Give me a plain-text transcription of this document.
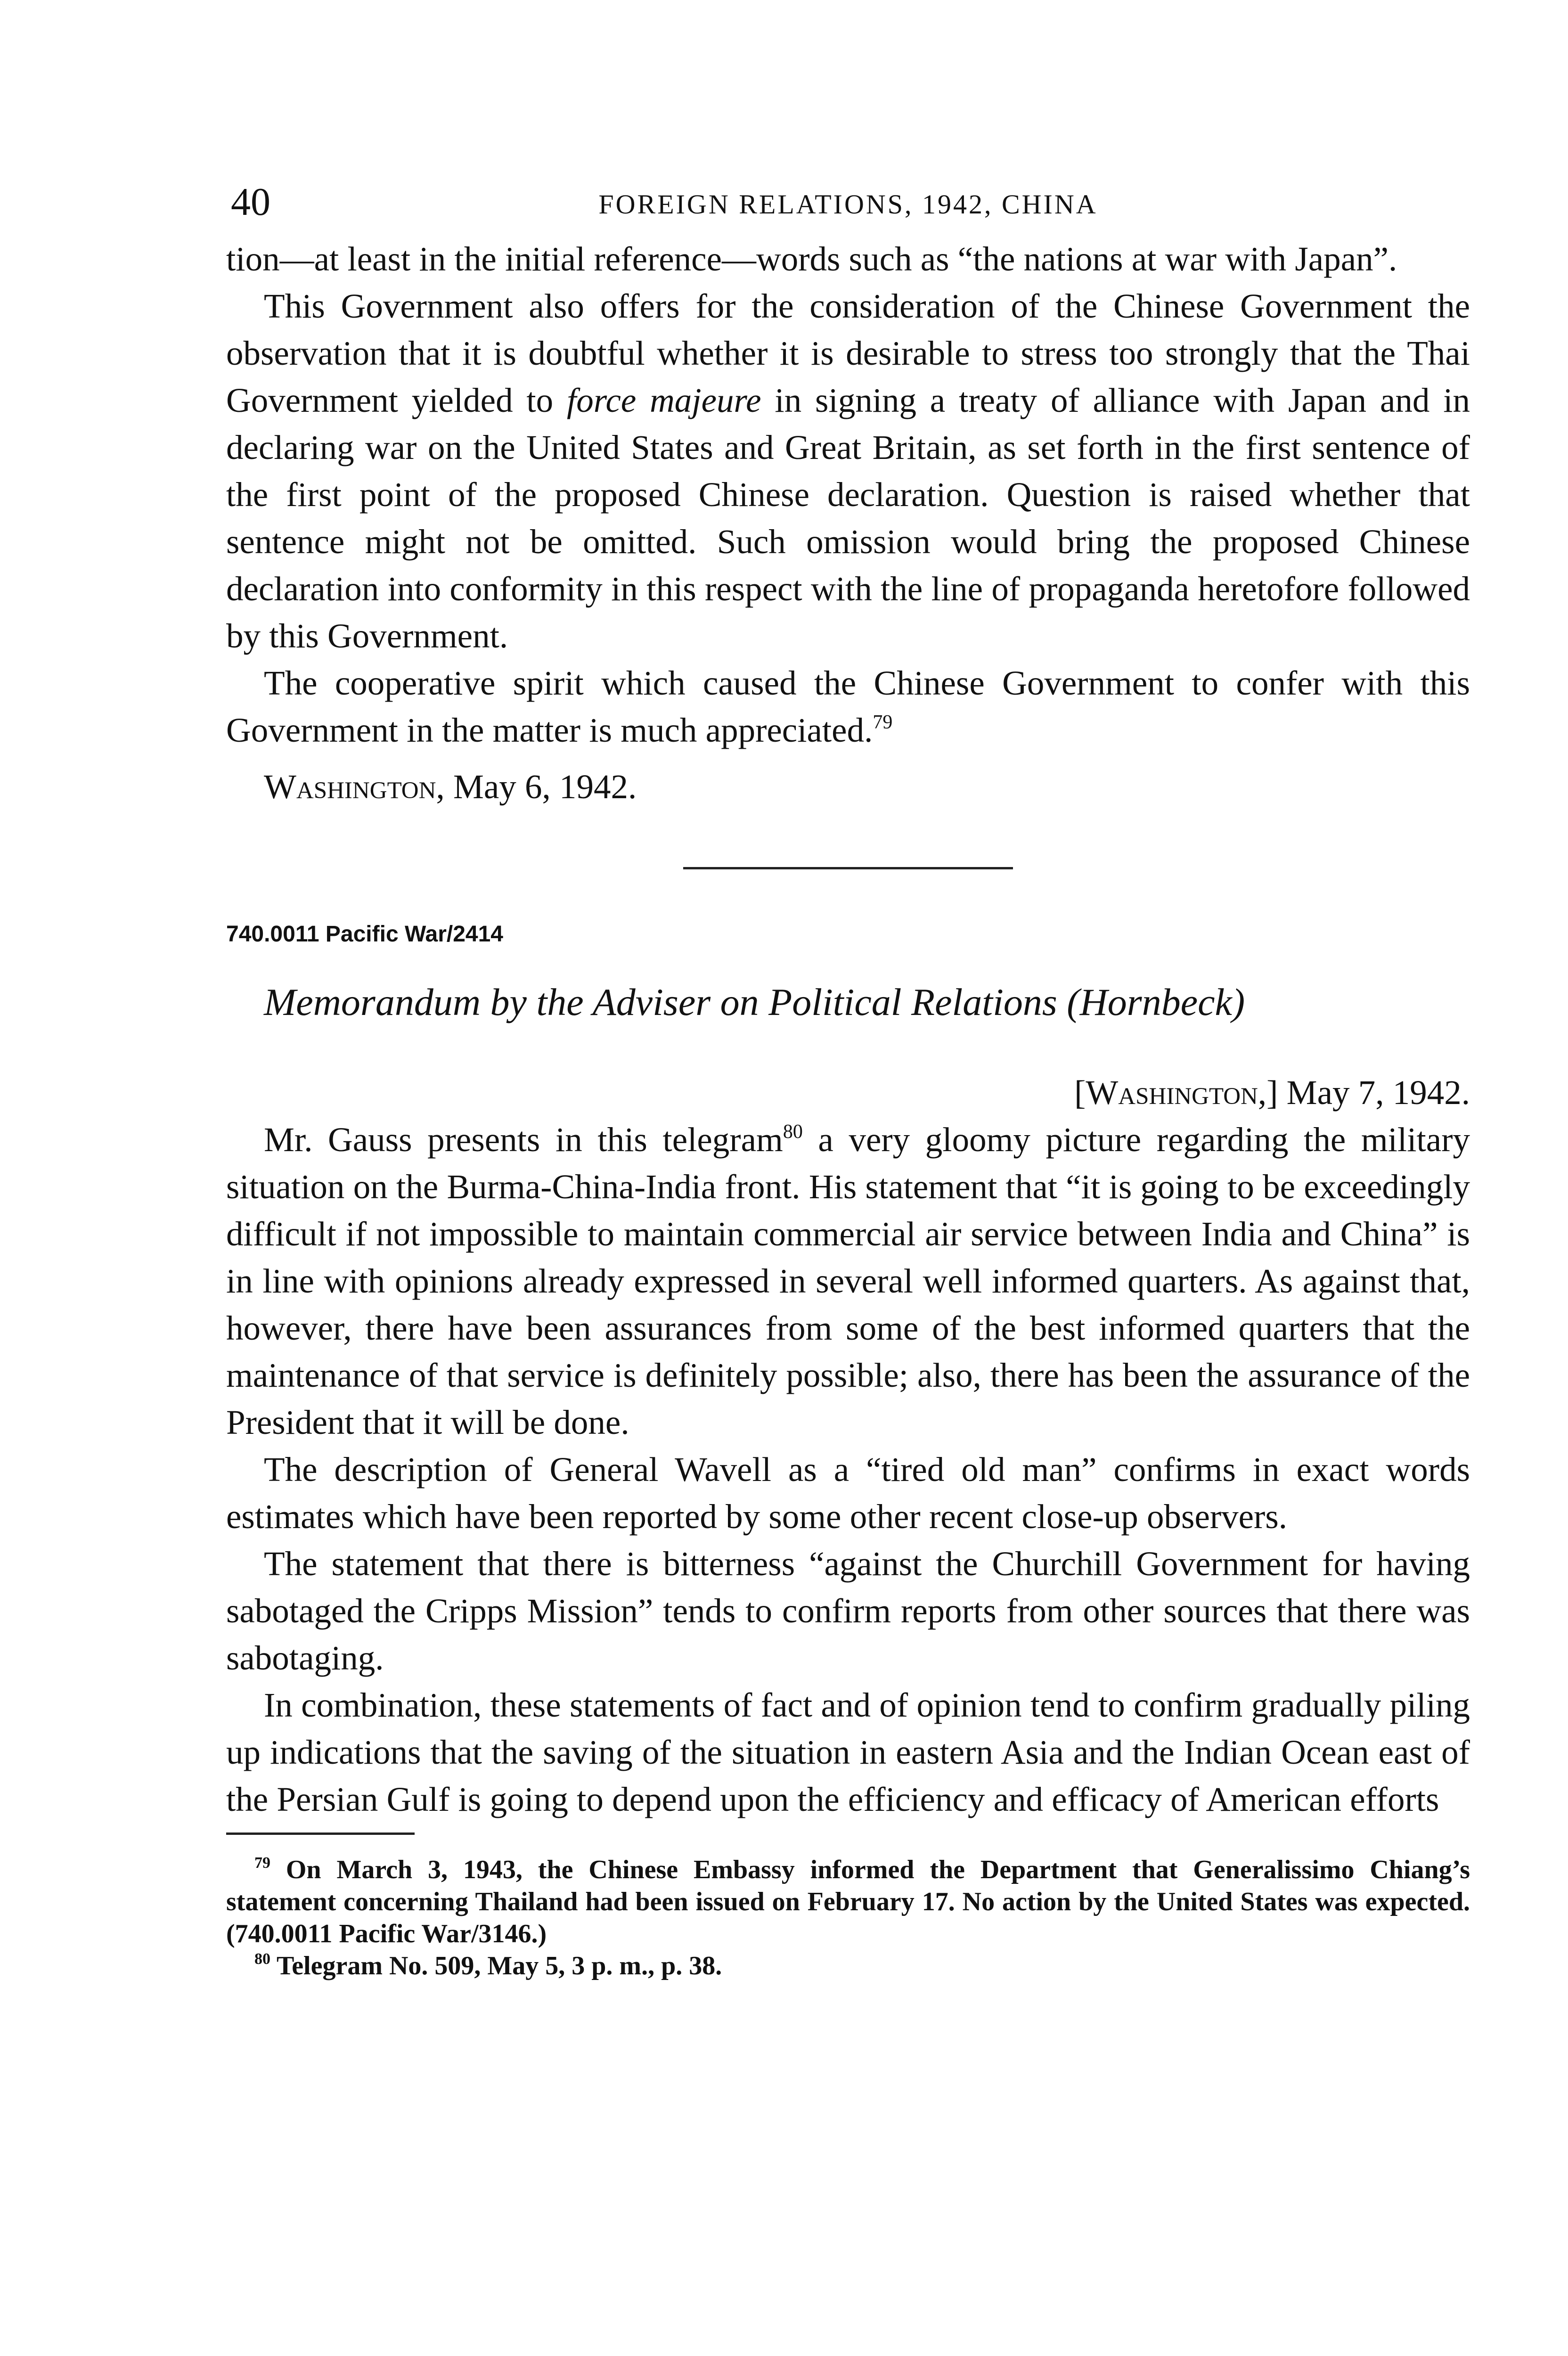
40	FOREIGN RELATIONS, 1942, CHINA

tion—at least in the initial reference—words such as “the nations at war with Japan”.

This Government also offers for the consideration of the Chinese Government the observation that it is doubtful whether it is desirable to stress too strongly that the Thai Government yielded to force majeure in signing a treaty of alliance with Japan and in declaring war on the United States and Great Britain, as set forth in the first sentence of the first point of the proposed Chinese declaration. Question is raised whether that sentence might not be omitted. Such omission would bring the proposed Chinese declaration into conformity in this respect with the line of propaganda heretofore followed by this Government.

The cooperative spirit which caused the Chinese Government to confer with this Government in the matter is much appreciated.$^{79}$

Washington, May 6, 1942.

740.0011 Pacific War/2414
Memorandum by the Adviser on Political Relations (Hornbeck)
[Washington,] May 7, 1942.

Mr. Gauss presents in this telegram$^{80}$ a very gloomy picture regarding the military situation on the Burma-China-India front. His statement that “it is going to be exceedingly difficult if not impossible to maintain commercial air service between India and China” is in line with opinions already expressed in several well informed quarters. As against that, however, there have been assurances from some of the best informed quarters that the maintenance of that service is definitely possible; also, there has been the assurance of the President that it will be done.

The description of General Wavell as a “tired old man” confirms in exact words estimates which have been reported by some other recent close-up observers.

The statement that there is bitterness “against the Churchill Government for having sabotaged the Cripps Mission” tends to confirm reports from other sources that there was sabotaging.

In combination, these statements of fact and of opinion tend to confirm gradually piling up indications that the saving of the situation in eastern Asia and the Indian Ocean east of the Persian Gulf is going to depend upon the efficiency and efficacy of American efforts

$^{79}$ On March 3, 1943, the Chinese Embassy informed the Department that Generalissimo Chiang’s statement concerning Thailand had been issued on February 17. No action by the United States was expected. (740.0011 Pacific War/3146.)

$^{80}$ Telegram No. 509, May 5, 3 p. m., p. 38.
